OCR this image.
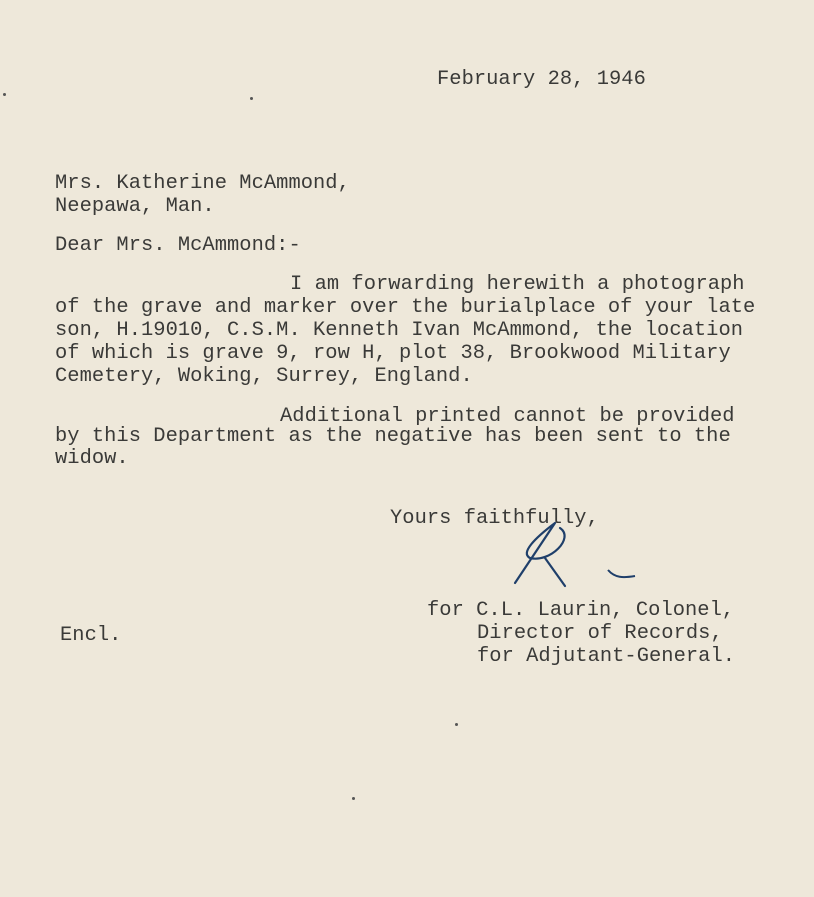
February 28, 1946
Mrs. Katherine McAmmond,
Neepawa, Man.
Dear Mrs. McAmmond:-
I am forwarding herewith a photograph
of the grave and marker over the burialplace of your late
son, H.19010, C.S.M. Kenneth Ivan McAmmond, the location
of which is grave 9, row H, plot 38, Brookwood Military
Cemetery, Woking, Surrey, England.
Additional printed cannot be provided
by this Department as the negative has been sent to the
widow.
Yours faithfully,
for C.L. Laurin, Colonel,
Director of Records,
for Adjutant-General.
Encl.
